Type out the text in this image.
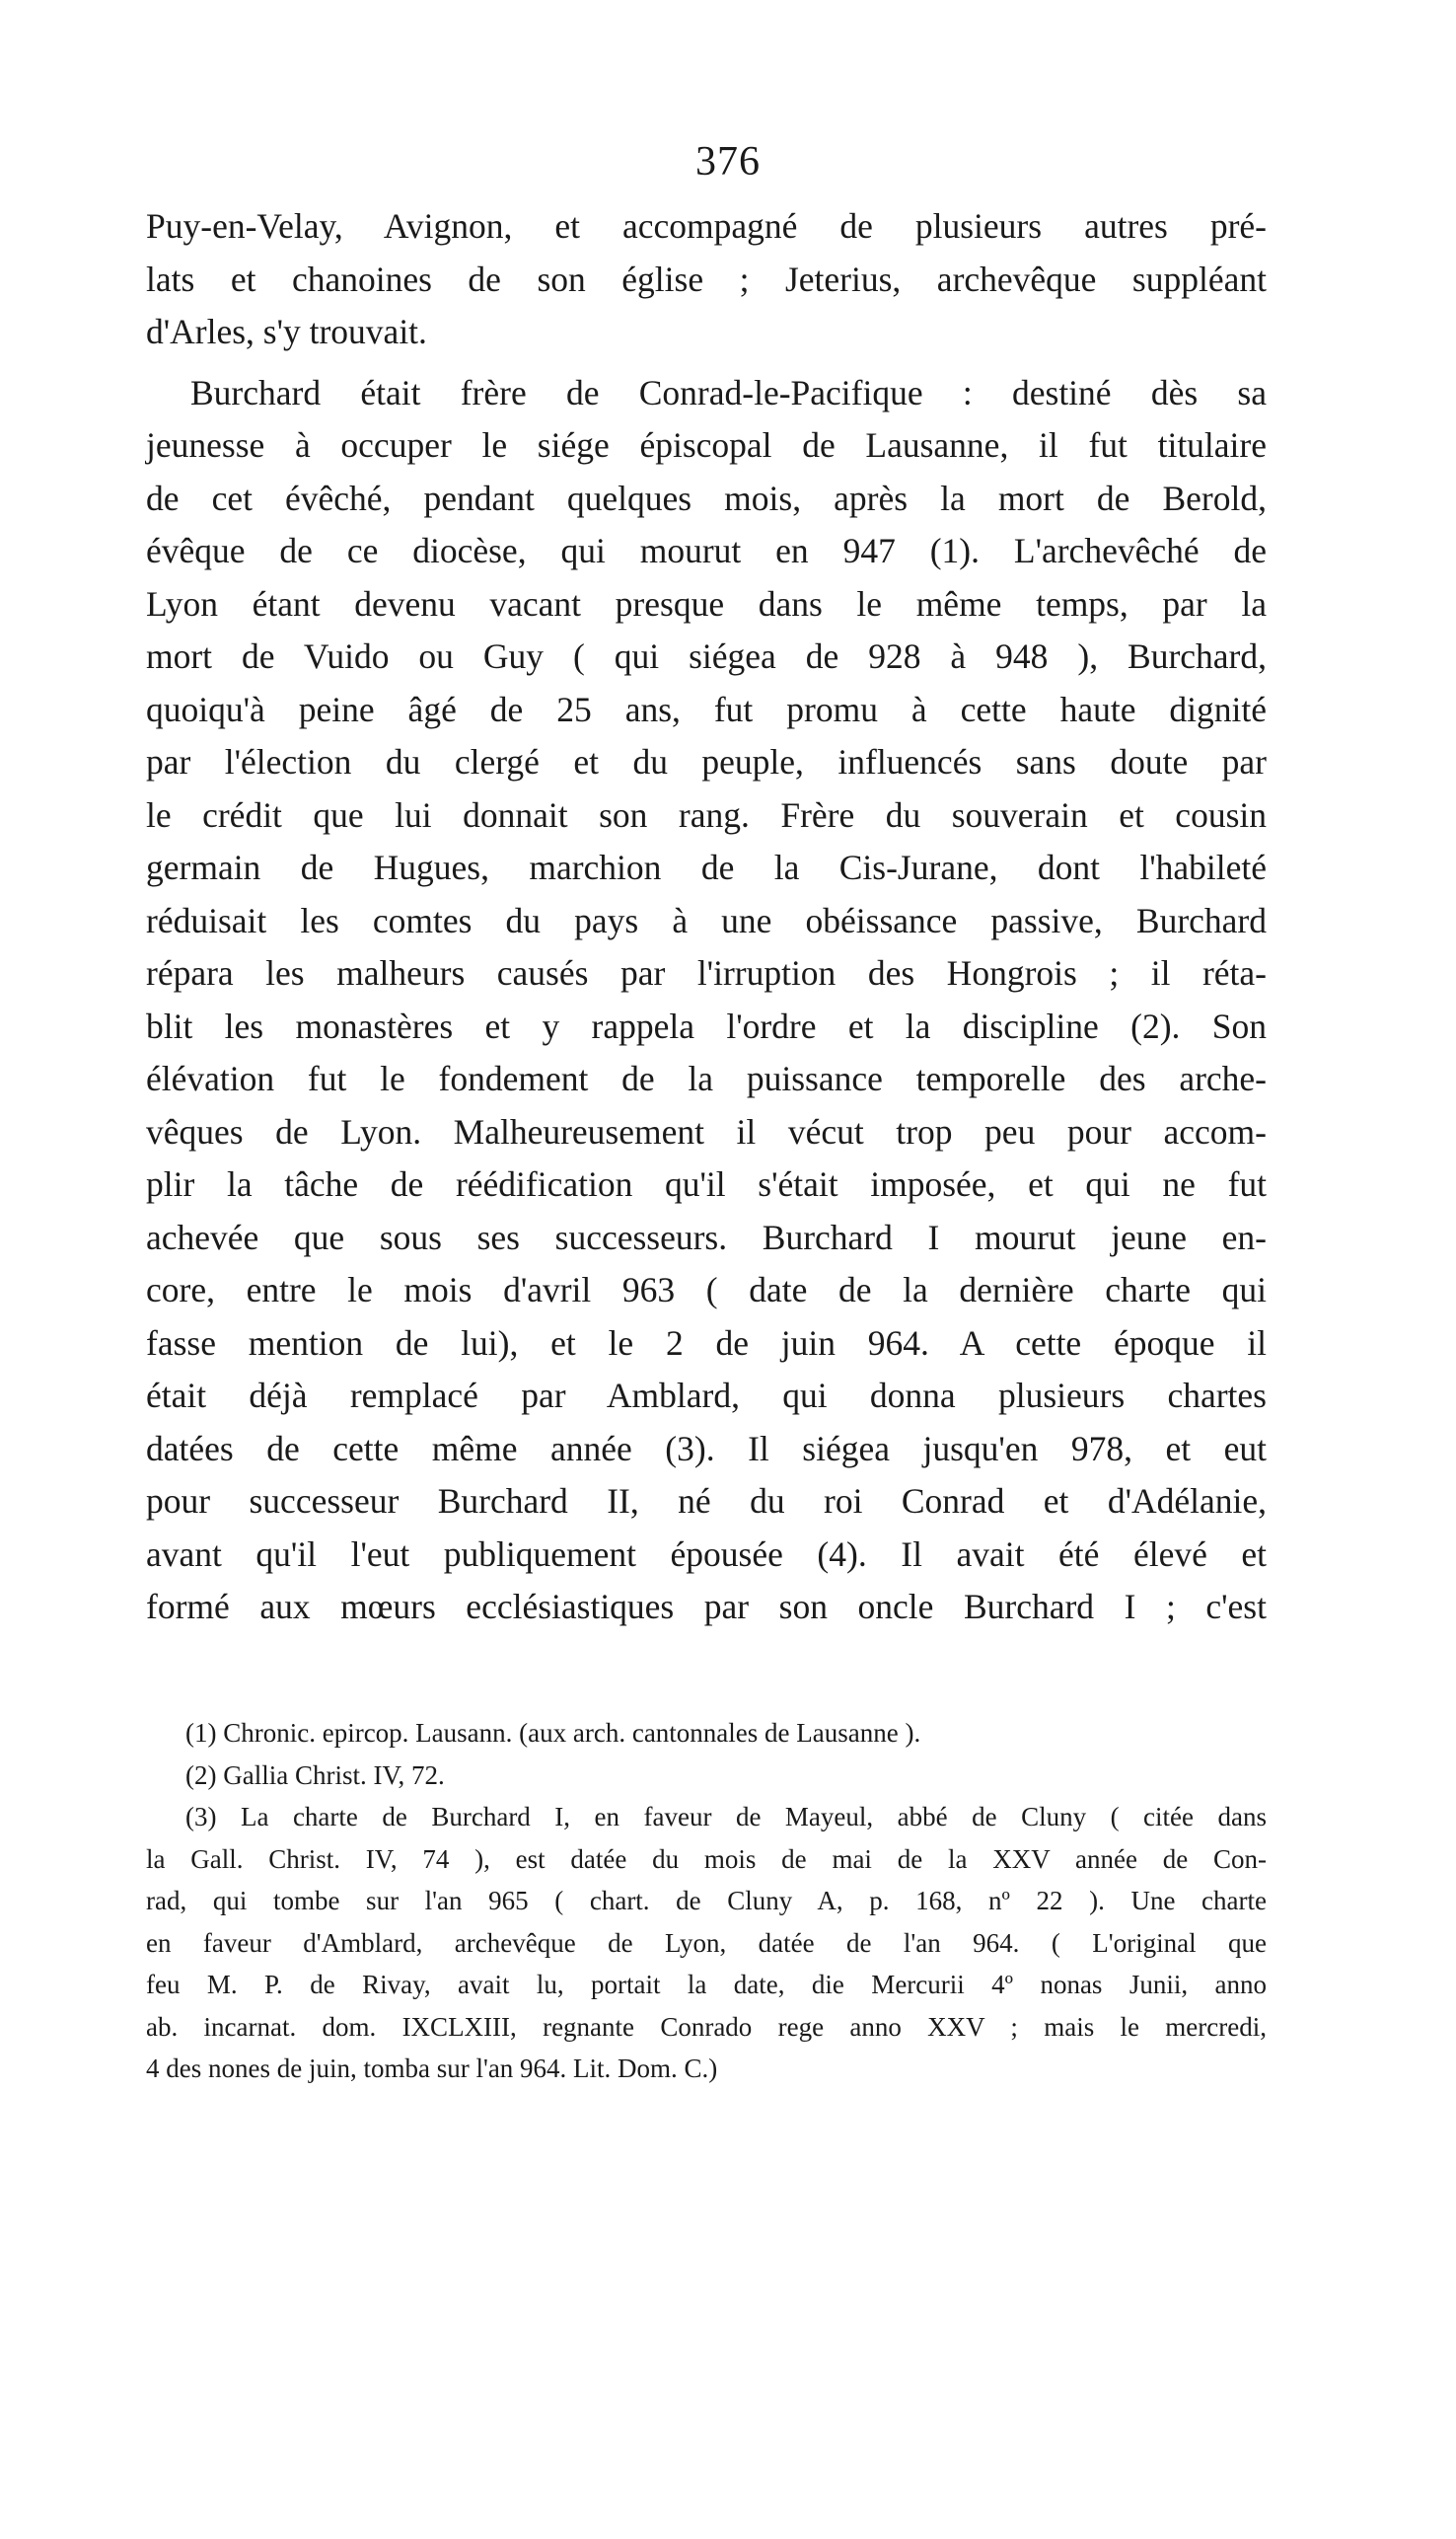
376
Puy-en-Velay, Avignon, et accompagné de plusieurs autres pré-
lats et chanoines de son église ; Jeterius, archevêque suppléant
d'Arles, s'y trouvait.
Burchard était frère de Conrad-le-Pacifique : destiné dès sa
jeunesse à occuper le siége épiscopal de Lausanne, il fut titulaire
de cet évêché, pendant quelques mois, après la mort de Berold,
évêque de ce diocèse, qui mourut en 947 (1). L'archevêché de
Lyon étant devenu vacant presque dans le même temps, par la
mort de Vuido ou Guy ( qui siégea de 928 à 948 ), Burchard,
quoiqu'à peine âgé de 25 ans, fut promu à cette haute dignité
par l'élection du clergé et du peuple, influencés sans doute par
le crédit que lui donnait son rang. Frère du souverain et cousin
germain de Hugues, marchion de la Cis-Jurane, dont l'habileté
réduisait les comtes du pays à une obéissance passive, Burchard
répara les malheurs causés par l'irruption des Hongrois ; il réta-
blit les monastères et y rappela l'ordre et la discipline (2). Son
élévation fut le fondement de la puissance temporelle des arche-
vêques de Lyon. Malheureusement il vécut trop peu pour accom-
plir la tâche de réédification qu'il s'était imposée, et qui ne fut
achevée que sous ses successeurs. Burchard I mourut jeune en-
core, entre le mois d'avril 963 ( date de la dernière charte qui
fasse mention de lui), et le 2 de juin 964. A cette époque il
était déjà remplacé par Amblard, qui donna plusieurs chartes
datées de cette même année (3). Il siégea jusqu'en 978, et eut
pour successeur Burchard II, né du roi Conrad et d'Adélanie,
avant qu'il l'eut publiquement épousée (4). Il avait été élevé et
formé aux mœurs ecclésiastiques par son oncle Burchard I ; c'est
(1) Chronic. epircop. Lausann. (aux arch. cantonnales de Lausanne ).
(2) Gallia Christ. IV, 72.
(3) La charte de Burchard I, en faveur de Mayeul, abbé de Cluny ( citée dans
la Gall. Christ. IV, 74 ), est datée du mois de mai de la XXV année de Con-
rad, qui tombe sur l'an 965 ( chart. de Cluny A, p. 168, nº 22 ). Une charte
en faveur d'Amblard, archevêque de Lyon, datée de l'an 964. ( L'original que
feu M. P. de Rivay, avait lu, portait la date, die Mercurii 4º nonas Junii, anno
ab. incarnat. dom. IXCLXIII, regnante Conrado rege anno XXV ; mais le mercredi,
4 des nones de juin, tomba sur l'an 964. Lit. Dom. C.)
